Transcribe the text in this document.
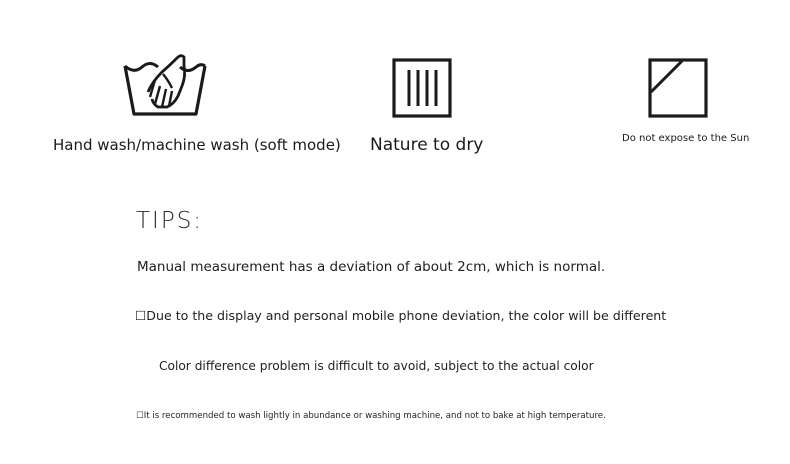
Hand wash/machine wash (soft mode) Nature to dry	Do not expose to the Sun
TIPS:
Manual measurement has a deviation of about 2cm, which is normal.
☐Due to the display and personal mobile phone deviation, the color will be different
Color difference problem is difficult to avoid, subject to the actual color
☐It is recommended to wash lightly in abundance or washing machine, and not to bake at high temperature.
